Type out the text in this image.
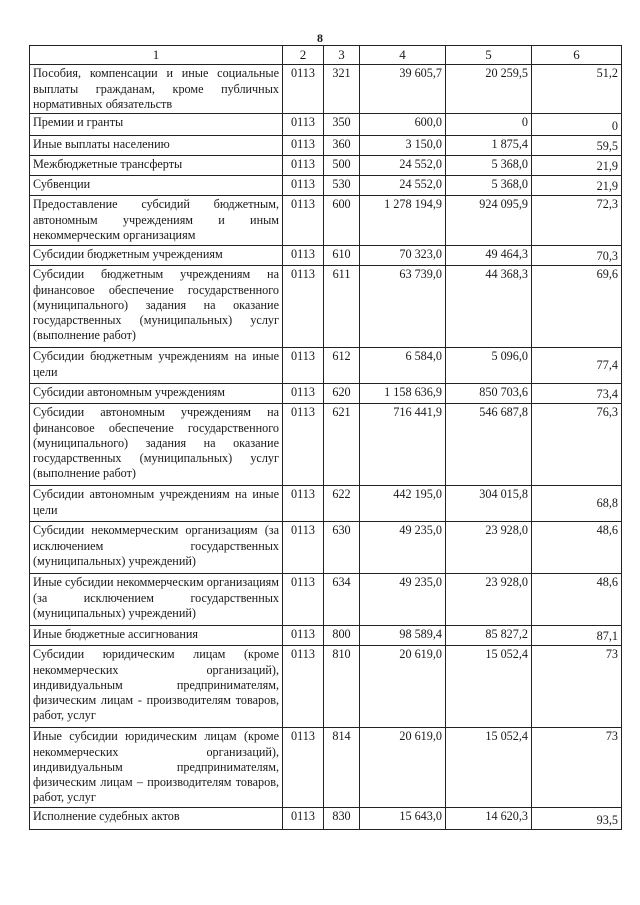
8
1	2	3	4	5	6
Пособия, компенсации и иные социальные выплаты гражданам, кроме публичных нормативных обязательств	0113	321	39 605,7	20 259,5	51,2
Премии и гранты	0113	350	600,0	0	0
Иные выплаты населению	0113	360	3 150,0	1 875,4	59,5
Межбюджетные трансферты	0113	500	24 552,0	5 368,0	21,9
Субвенции	0113	530	24 552,0	5 368,0	21,9
Предоставление субсидий бюджетным, автономным учреждениям и иным некоммерческим организациям	0113	600	1 278 194,9	924 095,9	72,3
Субсидии бюджетным учреждениям	0113	610	70 323,0	49 464,3	70,3
Субсидии бюджетным учреждениям на финансовое обеспечение государственного (муниципального) задания на оказание государственных (муниципальных) услуг (выполнение работ)	0113	611	63 739,0	44 368,3	69,6
Субсидии бюджетным учреждениям на иные цели	0113	612	6 584,0	5 096,0	77,4
Субсидии автономным учреждениям	0113	620	1 158 636,9	850 703,6	73,4
Субсидии автономным учреждениям на финансовое обеспечение государственного (муниципального) задания на оказание государственных (муниципальных) услуг (выполнение работ)	0113	621	716 441,9	546 687,8	76,3
Субсидии автономным учреждениям на иные цели	0113	622	442 195,0	304 015,8	68,8
Субсидии некоммерческим организациям (за исключением государственных (муниципальных) учреждений)	0113	630	49 235,0	23 928,0	48,6
Иные субсидии некоммерческим организациям (за исключением государственных (муниципальных) учреждений)	0113	634	49 235,0	23 928,0	48,6
Иные бюджетные ассигнования	0113	800	98 589,4	85 827,2	87,1
Субсидии юридическим лицам (кроме некоммерческих организаций), индивидуальным предпринимателям, физическим лицам - производителям товаров, работ, услуг	0113	810	20 619,0	15 052,4	73
Иные субсидии юридическим лицам (кроме некоммерческих организаций), индивидуальным предпринимателям, физическим лицам – производителям товаров, работ, услуг	0113	814	20 619,0	15 052,4	73
Исполнение судебных актов	0113	830	15 643,0	14 620,3	93,5
